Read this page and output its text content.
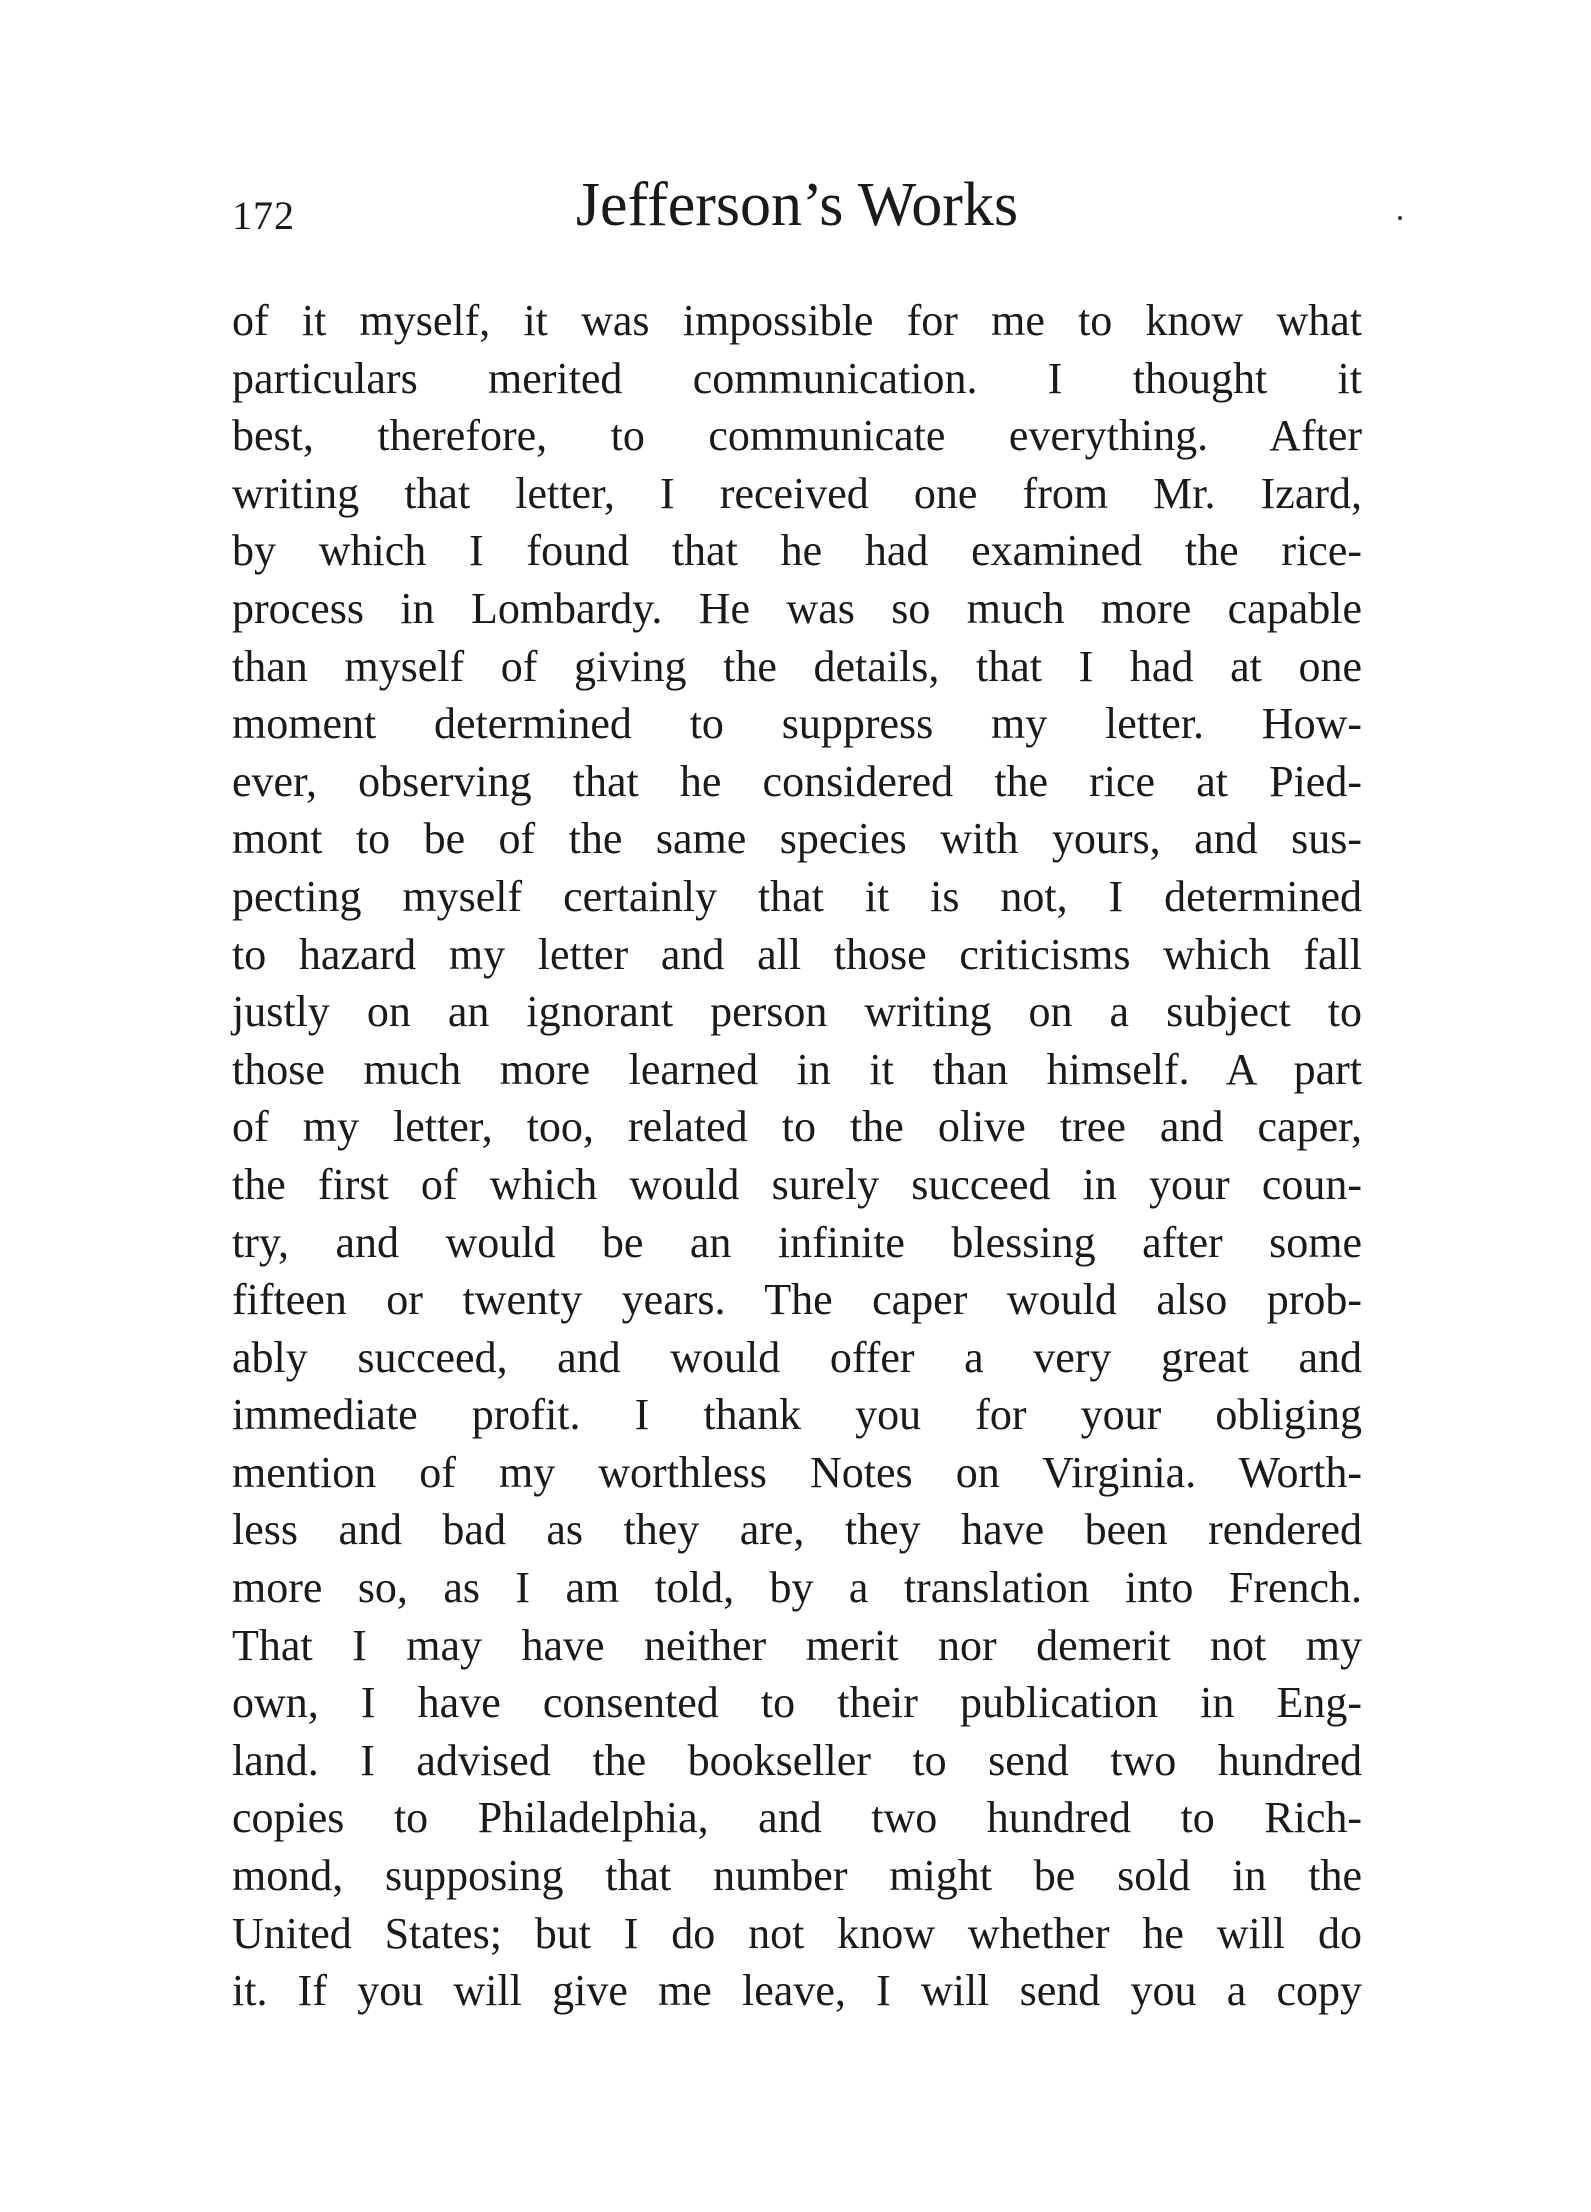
172	Jefferson’s Works
of it myself, it was impossible for me to know what
particulars merited communication. I thought it
best, therefore, to communicate everything. After
writing that letter, I received one from Mr. Izard,
by which I found that he had examined the rice-
process in Lombardy. He was so much more capable
than myself of giving the details, that I had at one
moment determined to suppress my letter. How-
ever, observing that he considered the rice at Pied-
mont to be of the same species with yours, and sus-
pecting myself certainly that it is not, I determined
to hazard my letter and all those criticisms which fall
justly on an ignorant person writing on a subject to
those much more learned in it than himself. A part
of my letter, too, related to the olive tree and caper,
the first of which would surely succeed in your coun-
try, and would be an infinite blessing after some
fifteen or twenty years. The caper would also prob-
ably succeed, and would offer a very great and
immediate profit. I thank you for your obliging
mention of my worthless Notes on Virginia. Worth-
less and bad as they are, they have been rendered
more so, as I am told, by a translation into French.
That I may have neither merit nor demerit not my
own, I have consented to their publication in Eng-
land. I advised the bookseller to send two hundred
copies to Philadelphia, and two hundred to Rich-
mond, supposing that number might be sold in the
United States; but I do not know whether he will do
it. If you will give me leave, I will send you a copy
